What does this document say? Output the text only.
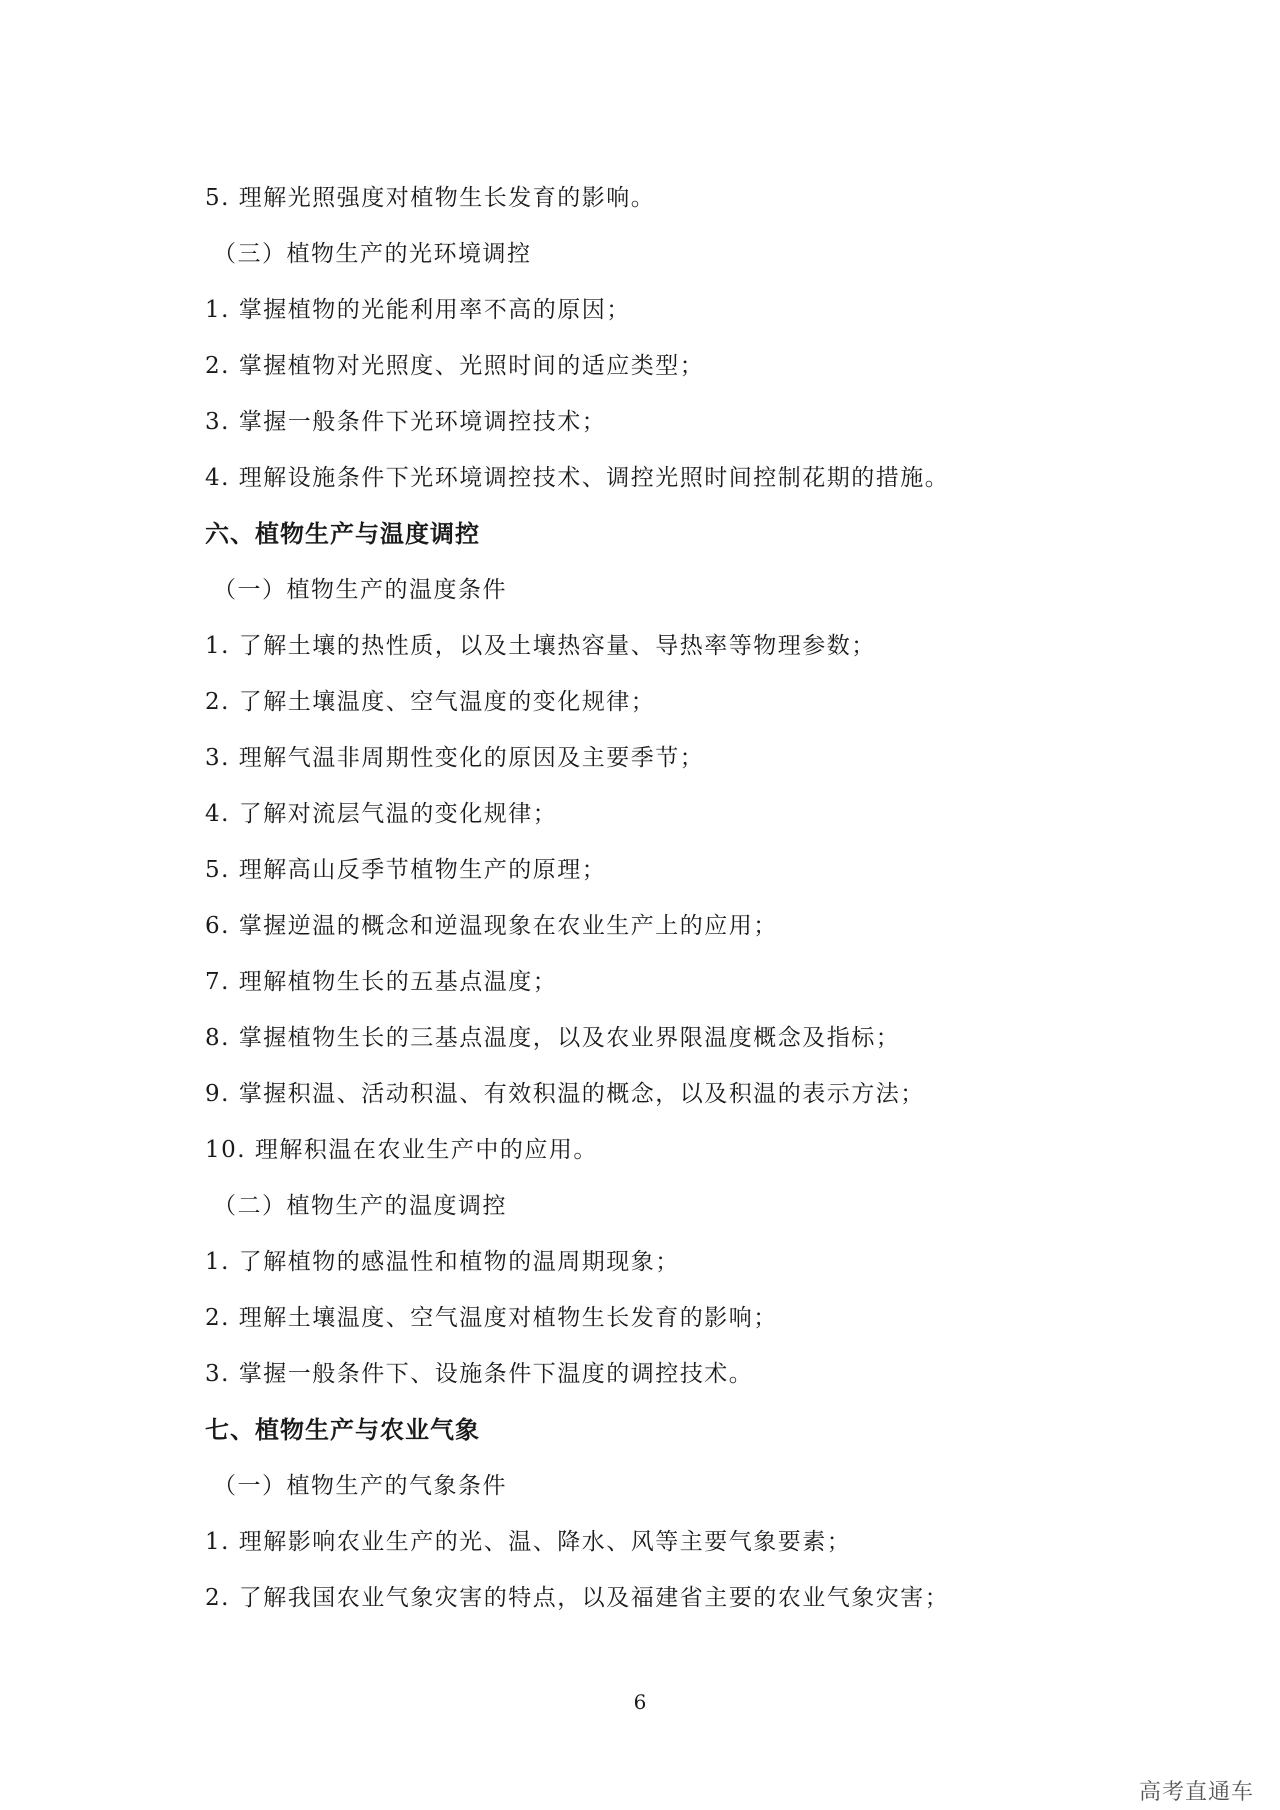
5. 理解光照强度对植物生长发育的影响。
（三）植物生产的光环境调控
1. 掌握植物的光能利用率不高的原因；
2. 掌握植物对光照度、光照时间的适应类型；
3. 掌握一般条件下光环境调控技术；
4. 理解设施条件下光环境调控技术、调控光照时间控制花期的措施。
六、植物生产与温度调控
（一）植物生产的温度条件
1. 了解土壤的热性质，以及土壤热容量、导热率等物理参数；
2. 了解土壤温度、空气温度的变化规律；
3. 理解气温非周期性变化的原因及主要季节；
4. 了解对流层气温的变化规律；
5. 理解高山反季节植物生产的原理；
6. 掌握逆温的概念和逆温现象在农业生产上的应用；
7. 理解植物生长的五基点温度；
8. 掌握植物生长的三基点温度，以及农业界限温度概念及指标；
9. 掌握积温、活动积温、有效积温的概念，以及积温的表示方法；
10. 理解积温在农业生产中的应用。
（二）植物生产的温度调控
1. 了解植物的感温性和植物的温周期现象；
2. 理解土壤温度、空气温度对植物生长发育的影响；
3. 掌握一般条件下、设施条件下温度的调控技术。
七、植物生产与农业气象
（一）植物生产的气象条件
1. 理解影响农业生产的光、温、降水、风等主要气象要素；
2. 了解我国农业气象灾害的特点，以及福建省主要的农业气象灾害；
6
高考直通车
